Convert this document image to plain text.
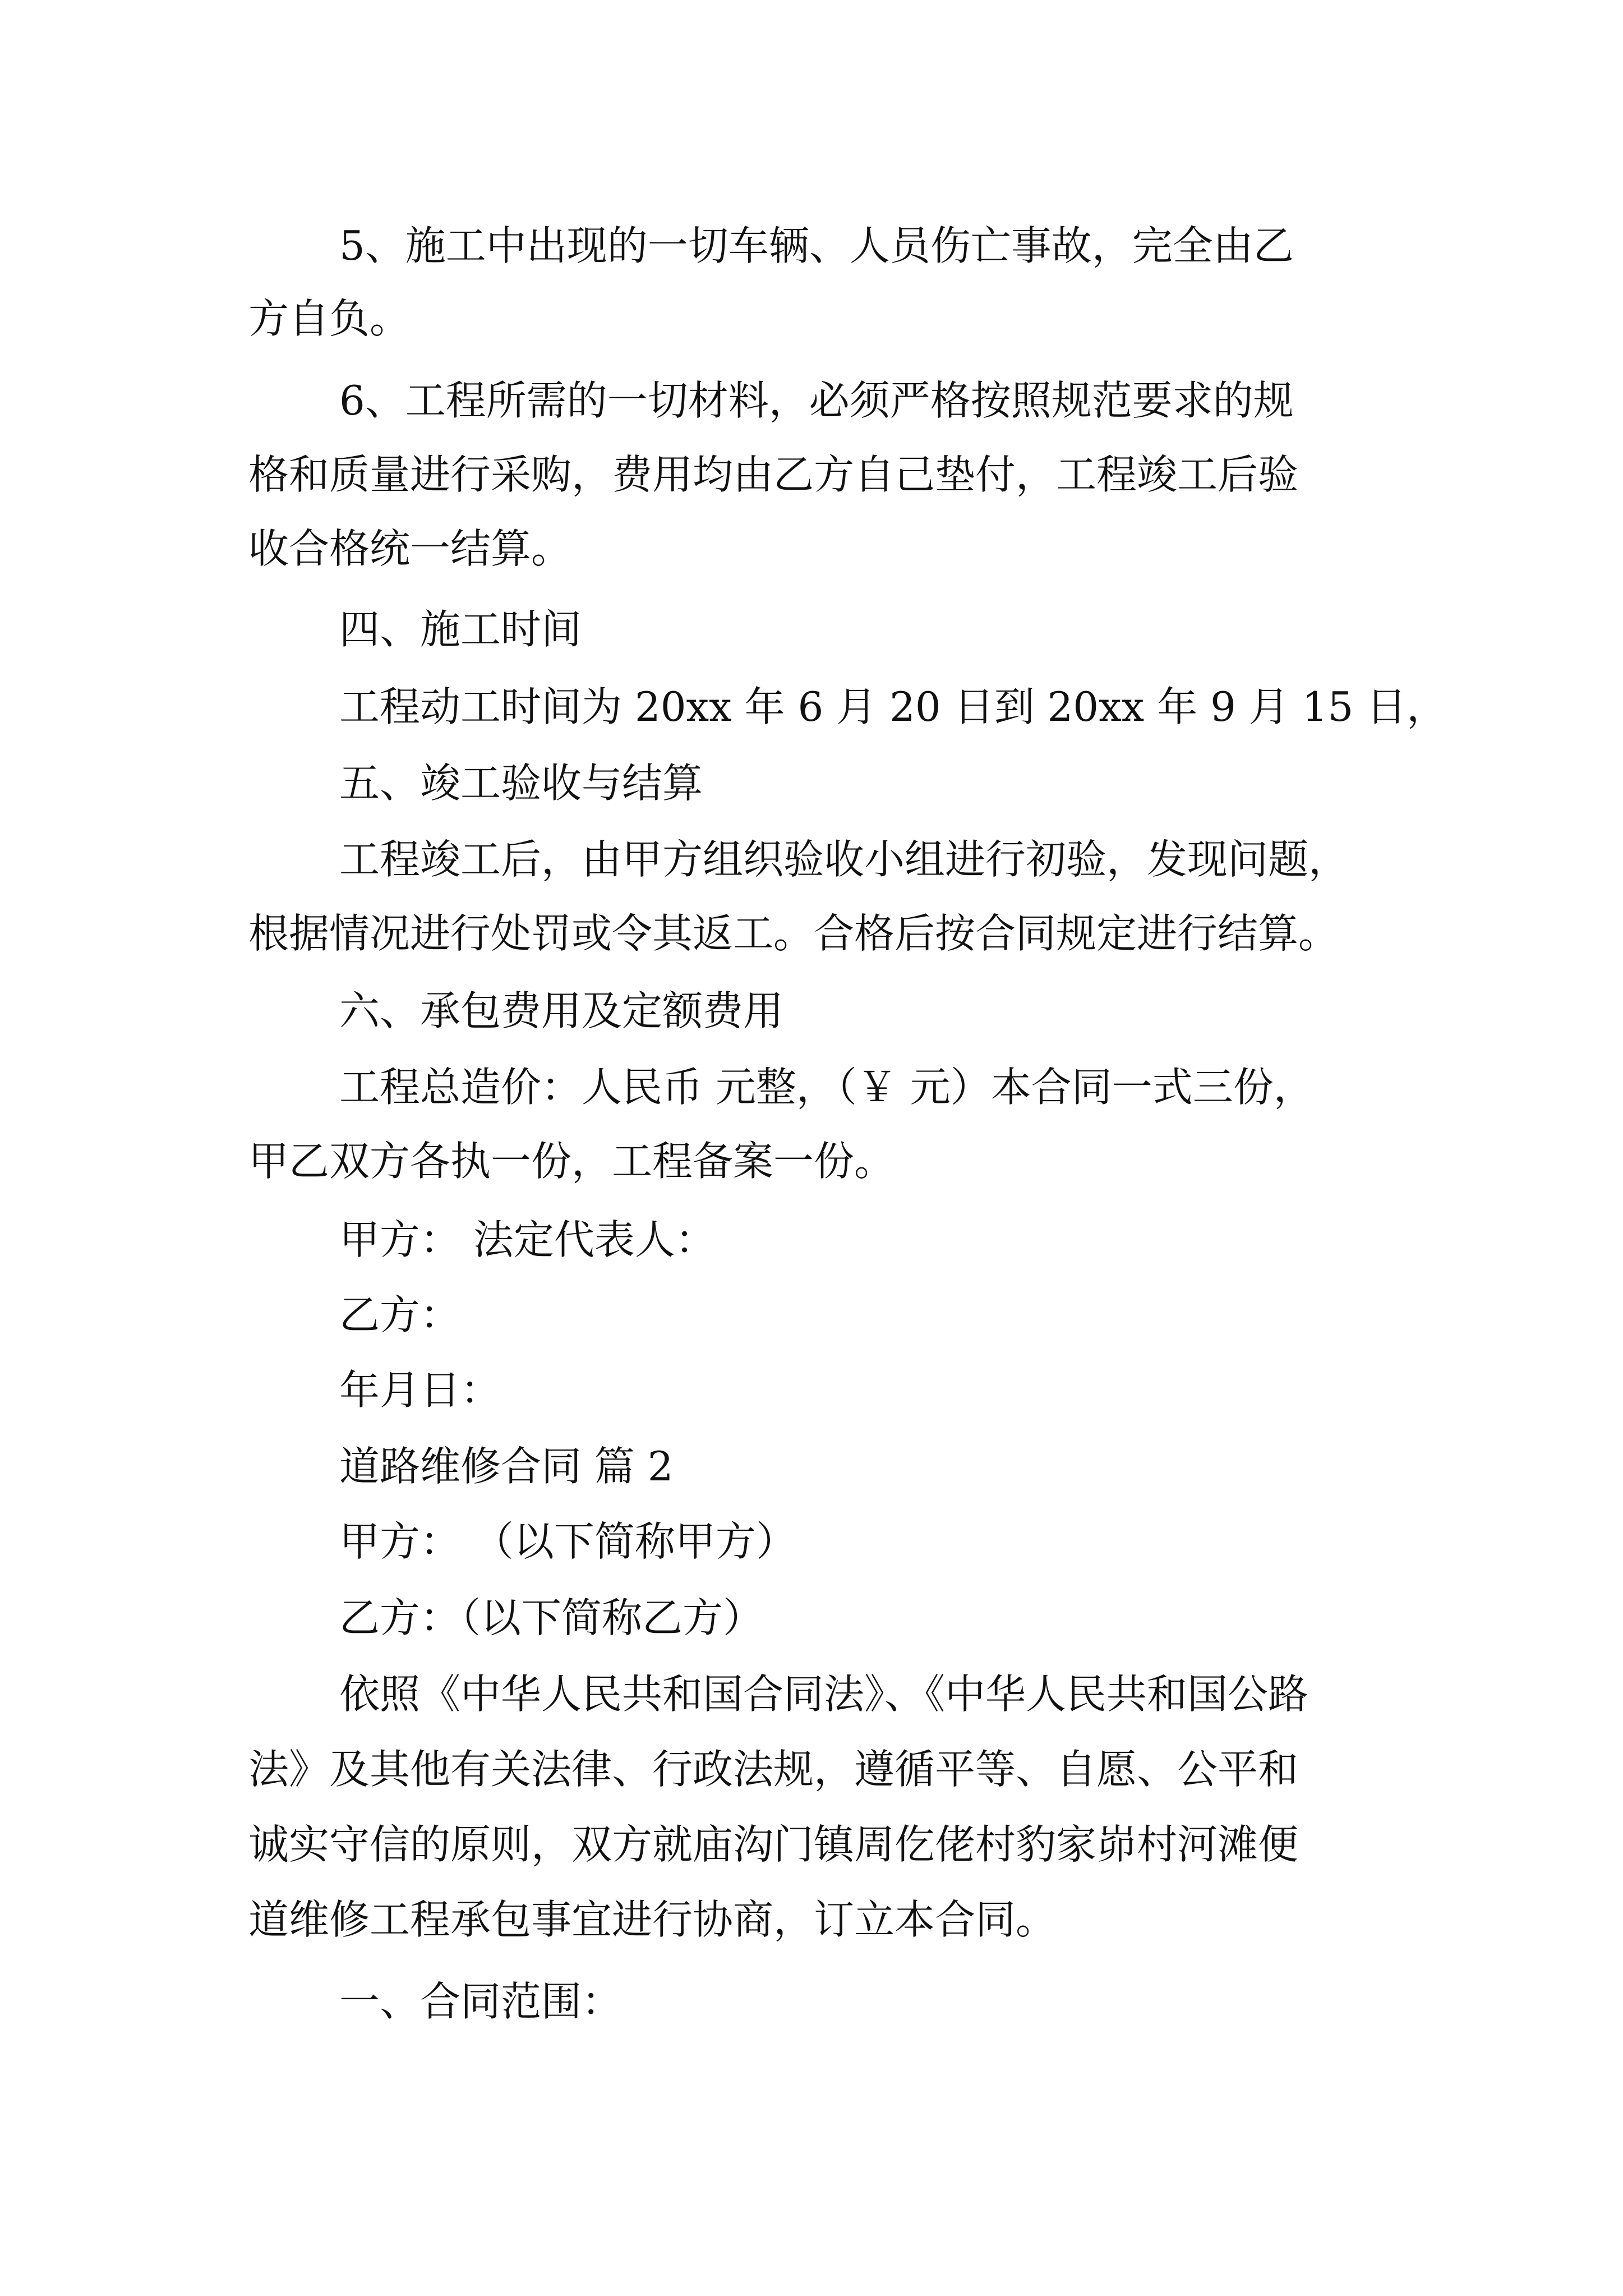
5、施工中出现的一切车辆、人员伤亡事故，完全由乙

方自负。

6、工程所需的一切材料，必须严格按照规范要求的规

格和质量进行采购，费用均由乙方自己垫付，工程竣工后验

收合格统一结算。

四、施工时间

工程动工时间为 20xx 年 6 月 20 日到 20xx 年 9 月 15 日，

五、竣工验收与结算

工程竣工后，由甲方组织验收小组进行初验，发现问题，

根据情况进行处罚或令其返工。合格后按合同规定进行结算。

六、承包费用及定额费用

工程总造价：人民币 元整，（￥ 元）本合同一式三份，

甲乙双方各执一份，工程备案一份。

甲方： 法定代表人：

乙方：

年月日：

道路维修合同 篇 2

甲方： （以下简称甲方）

乙方：（以下简称乙方）

依照《中华人民共和国合同法》、《中华人民共和国公路

法》及其他有关法律、行政法规，遵循平等、自愿、公平和

诚实守信的原则，双方就庙沟门镇周仡佬村豹家峁村河滩便

道维修工程承包事宜进行协商，订立本合同。

一、合同范围：
